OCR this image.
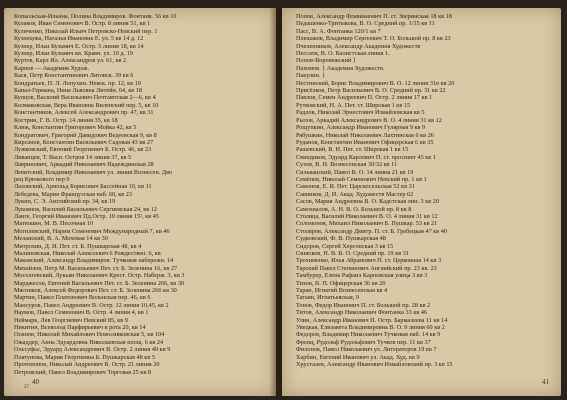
Копыльская-Ильина, Полина Владимиров. Фонтанк. 56 кв 10
Кулаков, Иван Семенович В. Остр. 8 линия 51, кв 1
Куличенко, Николай Ильич Петровско-Невский пер. 1
Кузнецова, Наталья Ивановна Е. ул. 5 кв 14 д. 12
Кузнер, Ильи Кузьмич Е. Остр. 5 линия 18, кв 14
Кузнер, Ильи Кузьмич кв. Кравн. ул. 10 д. 19
Куртов, Карл Ил. Александров ул. 61, кв 2
Карпов — Академия Худож.
Кася, Петр Константинович Литовск. 39 кв 6
Кондратьев, П. Л. Лопухин. Невск. пр. 12, кв 10
Капал-Германа, Нина Львовна Литейн. 64, кв 18
Купцов, Василий Васильевич Почтамтская 2—6, кв 4
Колмаковская, Вера Ивановна Виленский пер. 5, кв 10
Константинов, Алексей Александрович пр. 47, кв 31
Кострин, Г. В. Остр. 14 линия 35, кв 18
Клюк, Константин Григорович Мойка 42, кв 5
Кондратович, Григорий Давидович Ведеевская 9, кв 8
Кирсанов, Константин Васильевич Садовая 43 кв 27
Лужковский, Евгений Георгиевич Б. Остр. 46, кв 23
Ливанцев, Т. Васи. Остров 14 линия 37, кв 5
Лавринович, Аркадий Николаевич Надеждинская 28
Левитский, Владимир Николаевич ул. линия Вознесен. Дво
рец Крюкового пер 9
Лаховский, Арнольд Борисович Бассейная 10, кв 11
Лебедева, Мария Французская наб. 60, кв 23
Лукин, С. Э. Английский пр. 34, кв 19
Лукоянов, Василий Васильевич Сергиевская 24, кв 12
Ланге, Георгий Иванович Пд.Остр. 10 линия 15², кв 45
Матюшин, М. В. Песочная 10
Могилевский, Нарим Семенович Международный 7, кв 46
Меланский, В. А. Моховая 14 кв 30
Митрохин, Д. И. Пет. ст. Б. Пушкарская 48, кв 4
Малиновская, Николай Алексеевич 6 Рождествен. 6, кв
Маковский, Александр Владимиров. Тучковая набережн. 14
Михайлов, Петр М. Васильевич Пет. ст. Б. Зеленина 16, кв 27
Мосолгевский, Лукьян Николаевич Крест. Остр. Наберж. 3, кв 3
Марджесон, Евгений Васильевич Пет. ст. Б. Зеленина 266, кв 30
Мясников, Алексей Федорович Пет. ст. Б. Зеленина 266 кв 30
Мартин, Павел Платонович Вольнская пер. 46, кв 6
Мансуров, Павел Андреевич В. Остр. 12 линия 10,45, кв 2
Наумов, Павел Семенович В. Остр. 4 линия 4, кв 1
Неймарк, Лев Георгиевич Невский 85, кв 9
Никитин, Всеволод Парфирьевич в рота 20, кв 14
Осипов, Николай Михайлович Новосивковская 5, кв 104
Ожаддер, Анна Эдуардовна Николаевская площ. 6 кв 24
Ольсуфье, Эдуард Александрович В. Остр. 2 линия 49 кв 9
Платунова, Мария Георгиевна Б. Пушкарская 48 кв 5
Протопопов, Николай Андреевич В. Остр. 21 линия 20
Петровский, Павел Владимирович Торговая 25 кв 8
40
37
Попов, Александр Флавианович П. ст. Зверинская 18 кв 18
Педашенко-Тритыкова, В. О. Средний пр. 1/35 кв 11
Пасс, В. А. Фонтанка 120/1 кв 7
Плешаков, Владимир Сергеевич Т. О. Большой пр. 8 кв 23
Пчеленников, Александр Академия Художеств
Пессати, В. О. Калистская линия 1.
Попов-Воронежский }
Пахомов. } Академия Художеств.
Пакулин. }
Пестинский, Борис Владимирович В. О. 12 линия 31в кв 20
Присёлков, Петр Васильевич В. О. Средний пр. 31 кв 22
Павлов, Семен Андреевич П. Остр. 2 линия 17 кв 1
Рутковский, Н. А. Пет. ст. Широкая 1 кв 15
Радлов, Николай Эрнестович Измайловская кв 5
Рылов, Аркадий Александрович В. О. 4 линия 31 кв 12
Рощупкин, Александр Иванович Гулярная 9 кв 9
Рябушкин, Николай Николаевич Лахтинская 6 кв 26
Руданов, Константин Иванович Офицерская 6 кв 35
Рашевский, В. Н. Пет. ст. Широкая 1 кв 15
Свиндиков, Эдуард Карлович П. ст. проспект 45 кв 1
Сухов, В. Н. Вознесенская 30/32 кв 11
Сильванский, Павел В. О. 14 линия 21 кв 19
Семёнов, Николай Семенович Невский пр. 1 кв 1
Самонов, Е. И. Пет. Царскосельская 52 кв 31
Савинков, Д. И. Акад. Художеств Мастер 62
Сасов, Мария Андреевна В. О. Кадетская лин. 3 кв 20
Самохвалов, А. Н. В. О. Большой пр. 8 кв 8
Столица, Василий Николаевич В. О. 4 линия 31 кв 12
Соломонов, Михаил Николаевич Б. Пушкар. 53 кв 21
Столяров, Александр Дмитр. П. ст. Б. Гребецкая 47 кв 40
Судковский, Ф. В. Пушкарская 48
Сидоров, Сергей Херсонская 3 кв 15
Синюков, Н. В. В. О. Средний пр. 19 кв 31
Трохименко, Илья Абрамович П. ст. Церковная 14 кв 3
Тарский Павел Степанович Английский пр. 23 кв. 23
Тамбурер, Елена Рафаил Карповская улица 3 кв 3
Тихов, В. П. Офицерская 36 кв 20
Таран, Игнатий Вознесенская кв 4
Татаян, Игнатьевская, 9
Тонов, Федор Иванович П. ст. Большой пр. 28 кв 2
Титов, Александр Николаевич Фонтанка 33 кв 46
Улин, Александр Иванович П. Остр. Бармалеева 11 кв 14
Увецкая, Елизавета Владимировна В. О. 9 линия 60 кв 2
Федоров, Владимир Николаевич Тучковая наб. 14 кв 9
Френц, Рудольф Рудольфович Тучков пер. 11 кв 37
Филонов, Павел Николаевич ул. Литераторов 19 кв 7
Харбин, Евгений Иванович ул. Акад. Худ. кв 9
Хрусталев, Александр Иванович Измайловский пр. 3 кв 15
41
